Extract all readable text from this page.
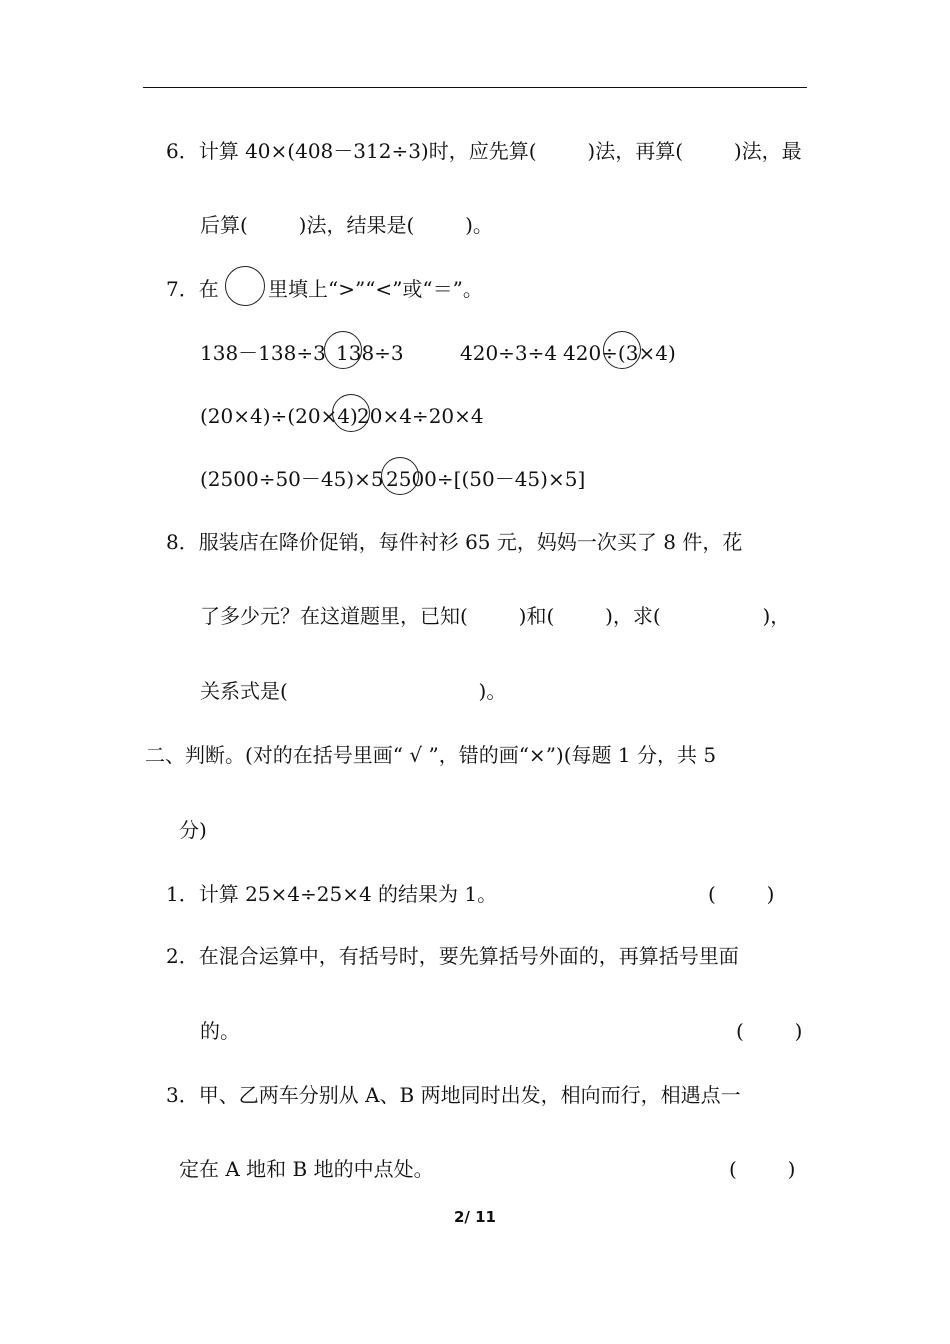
6．计算 40×(408－312÷3)时，应先算(        )法，再算(        )法，最
后算(        )法，结果是(        )。
7．在 里填上“>”“<”或“＝”。
138－138÷3 138÷3	420÷3÷4 420÷(3×4)
(20×4)÷(20×4) 20×4÷20×4
(2500÷50－45)×5 2500÷[(50－45)×5]
8．服装店在降价促销，每件衬衫 65 元，妈妈一次买了 8 件，花
了多少元？在这道题里，已知(        )和(        )，求(                )，
关系式是(                              )。
二、判断。(对的在括号里画“ √ ”，错的画“×”)(每题 1 分，共 5
分)
1．计算 25×4÷25×4 的结果为 1。	(        )
2．在混合运算中，有括号时，要先算括号外面的，再算括号里面
的。	(        )
3．甲、乙两车分别从 A、B 两地同时出发，相向而行，相遇点一
定在 A 地和 B 地的中点处。	(        )
2/ 11
